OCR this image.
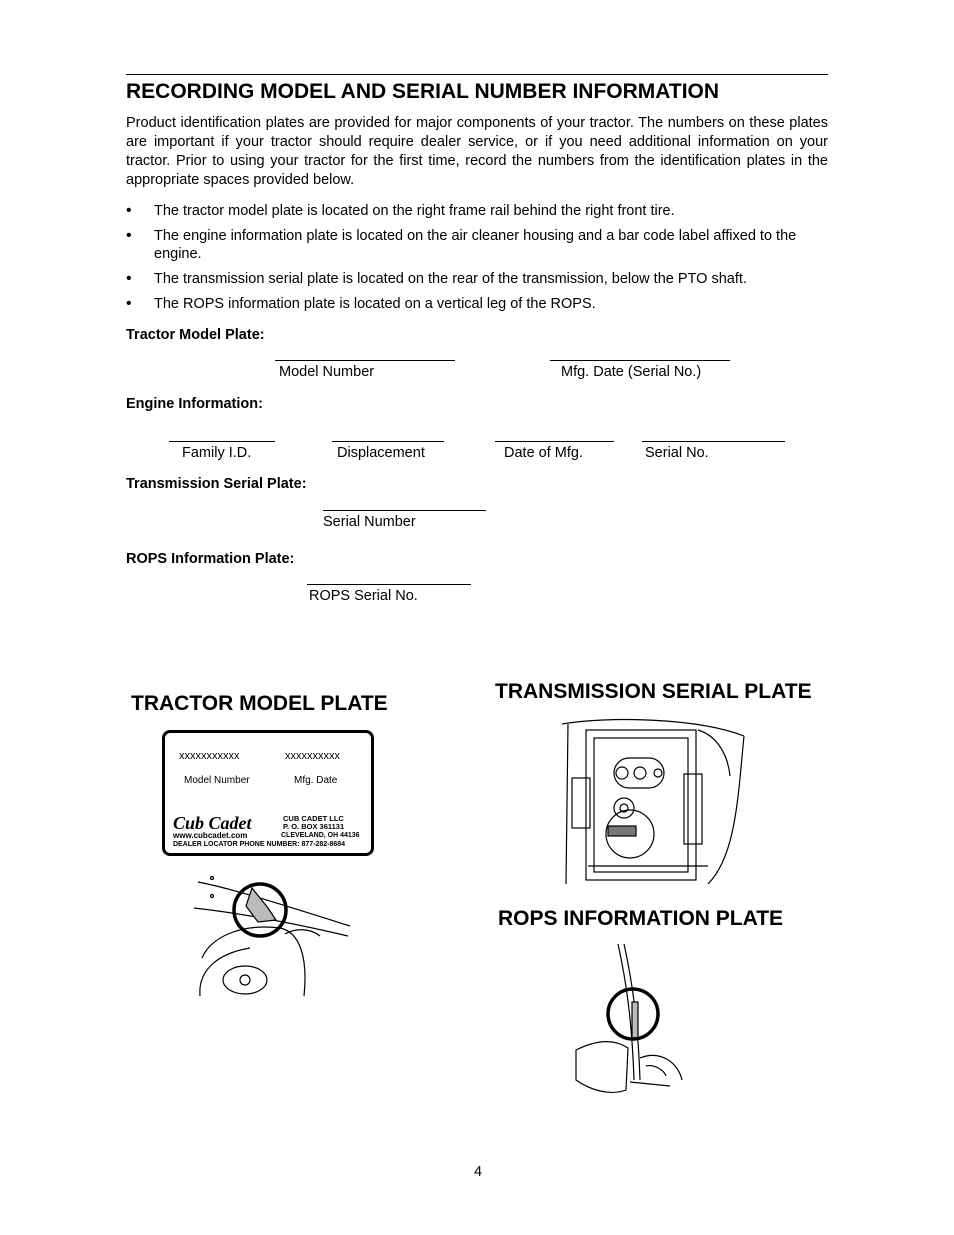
RECORDING MODEL AND SERIAL NUMBER INFORMATION
Product identification plates are provided for major components of your tractor. The numbers on these plates are important if your tractor should require dealer service, or if you need additional information on your tractor. Prior to using your tractor for the first time, record the numbers from the identification plates in the appropriate spaces provided below.
• The tractor model plate is located on the right frame rail behind the right front tire.
• The engine information plate is located on the air cleaner housing and a bar code label affixed to the engine.
• The transmission serial plate is located on the rear of the transmission, below the PTO shaft.
• The ROPS information plate is located on a vertical leg of the ROPS.
Tractor Model Plate:
Model Number	Mfg. Date (Serial No.)
Engine Information:
Family I.D.	Displacement	Date of Mfg.	Serial No.
Transmission Serial Plate:
Serial Number
ROPS Information Plate:
ROPS Serial No.
TRACTOR MODEL PLATE
TRANSMISSION SERIAL PLATE
ROPS INFORMATION PLATE
xxxxxxxxxxx	xxxxxxxxxx
Model Number	Mfg. Date
Cub Cadet
www.cubcadet.com
CUB CADET LLC
P. O. BOX 361131
CLEVELAND, OH 44136
DEALER LOCATOR PHONE NUMBER: 877-282-8684
4
